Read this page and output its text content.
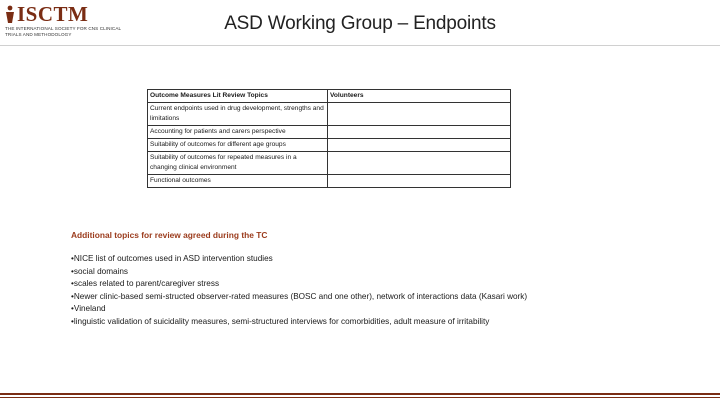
ISCTM
THE INTERNATIONAL SOCIETY FOR CNS CLINICAL TRIALS AND METHODOLOGY
ASD Working Group – Endpoints
Outcome Measures Lit Review Topics	Volunteers
Current endpoints used in drug development, strengths and limitations	
Accounting for patients and carers perspective	
Suitability of outcomes for different age groups	
Suitability of outcomes for repeated measures in a changing clinical environment	
Functional outcomes	
Additional topics for review agreed during the TC
• NICE list of outcomes used in ASD intervention studies
• social domains
• scales related to parent/caregiver stress
• Newer clinic-based semi-structed observer-rated measures (BOSC and one other), network of interactions data (Kasari work)
• Vineland
• linguistic validation of suicidality measures, semi-structured interviews for comorbidities, adult measure of irritability
